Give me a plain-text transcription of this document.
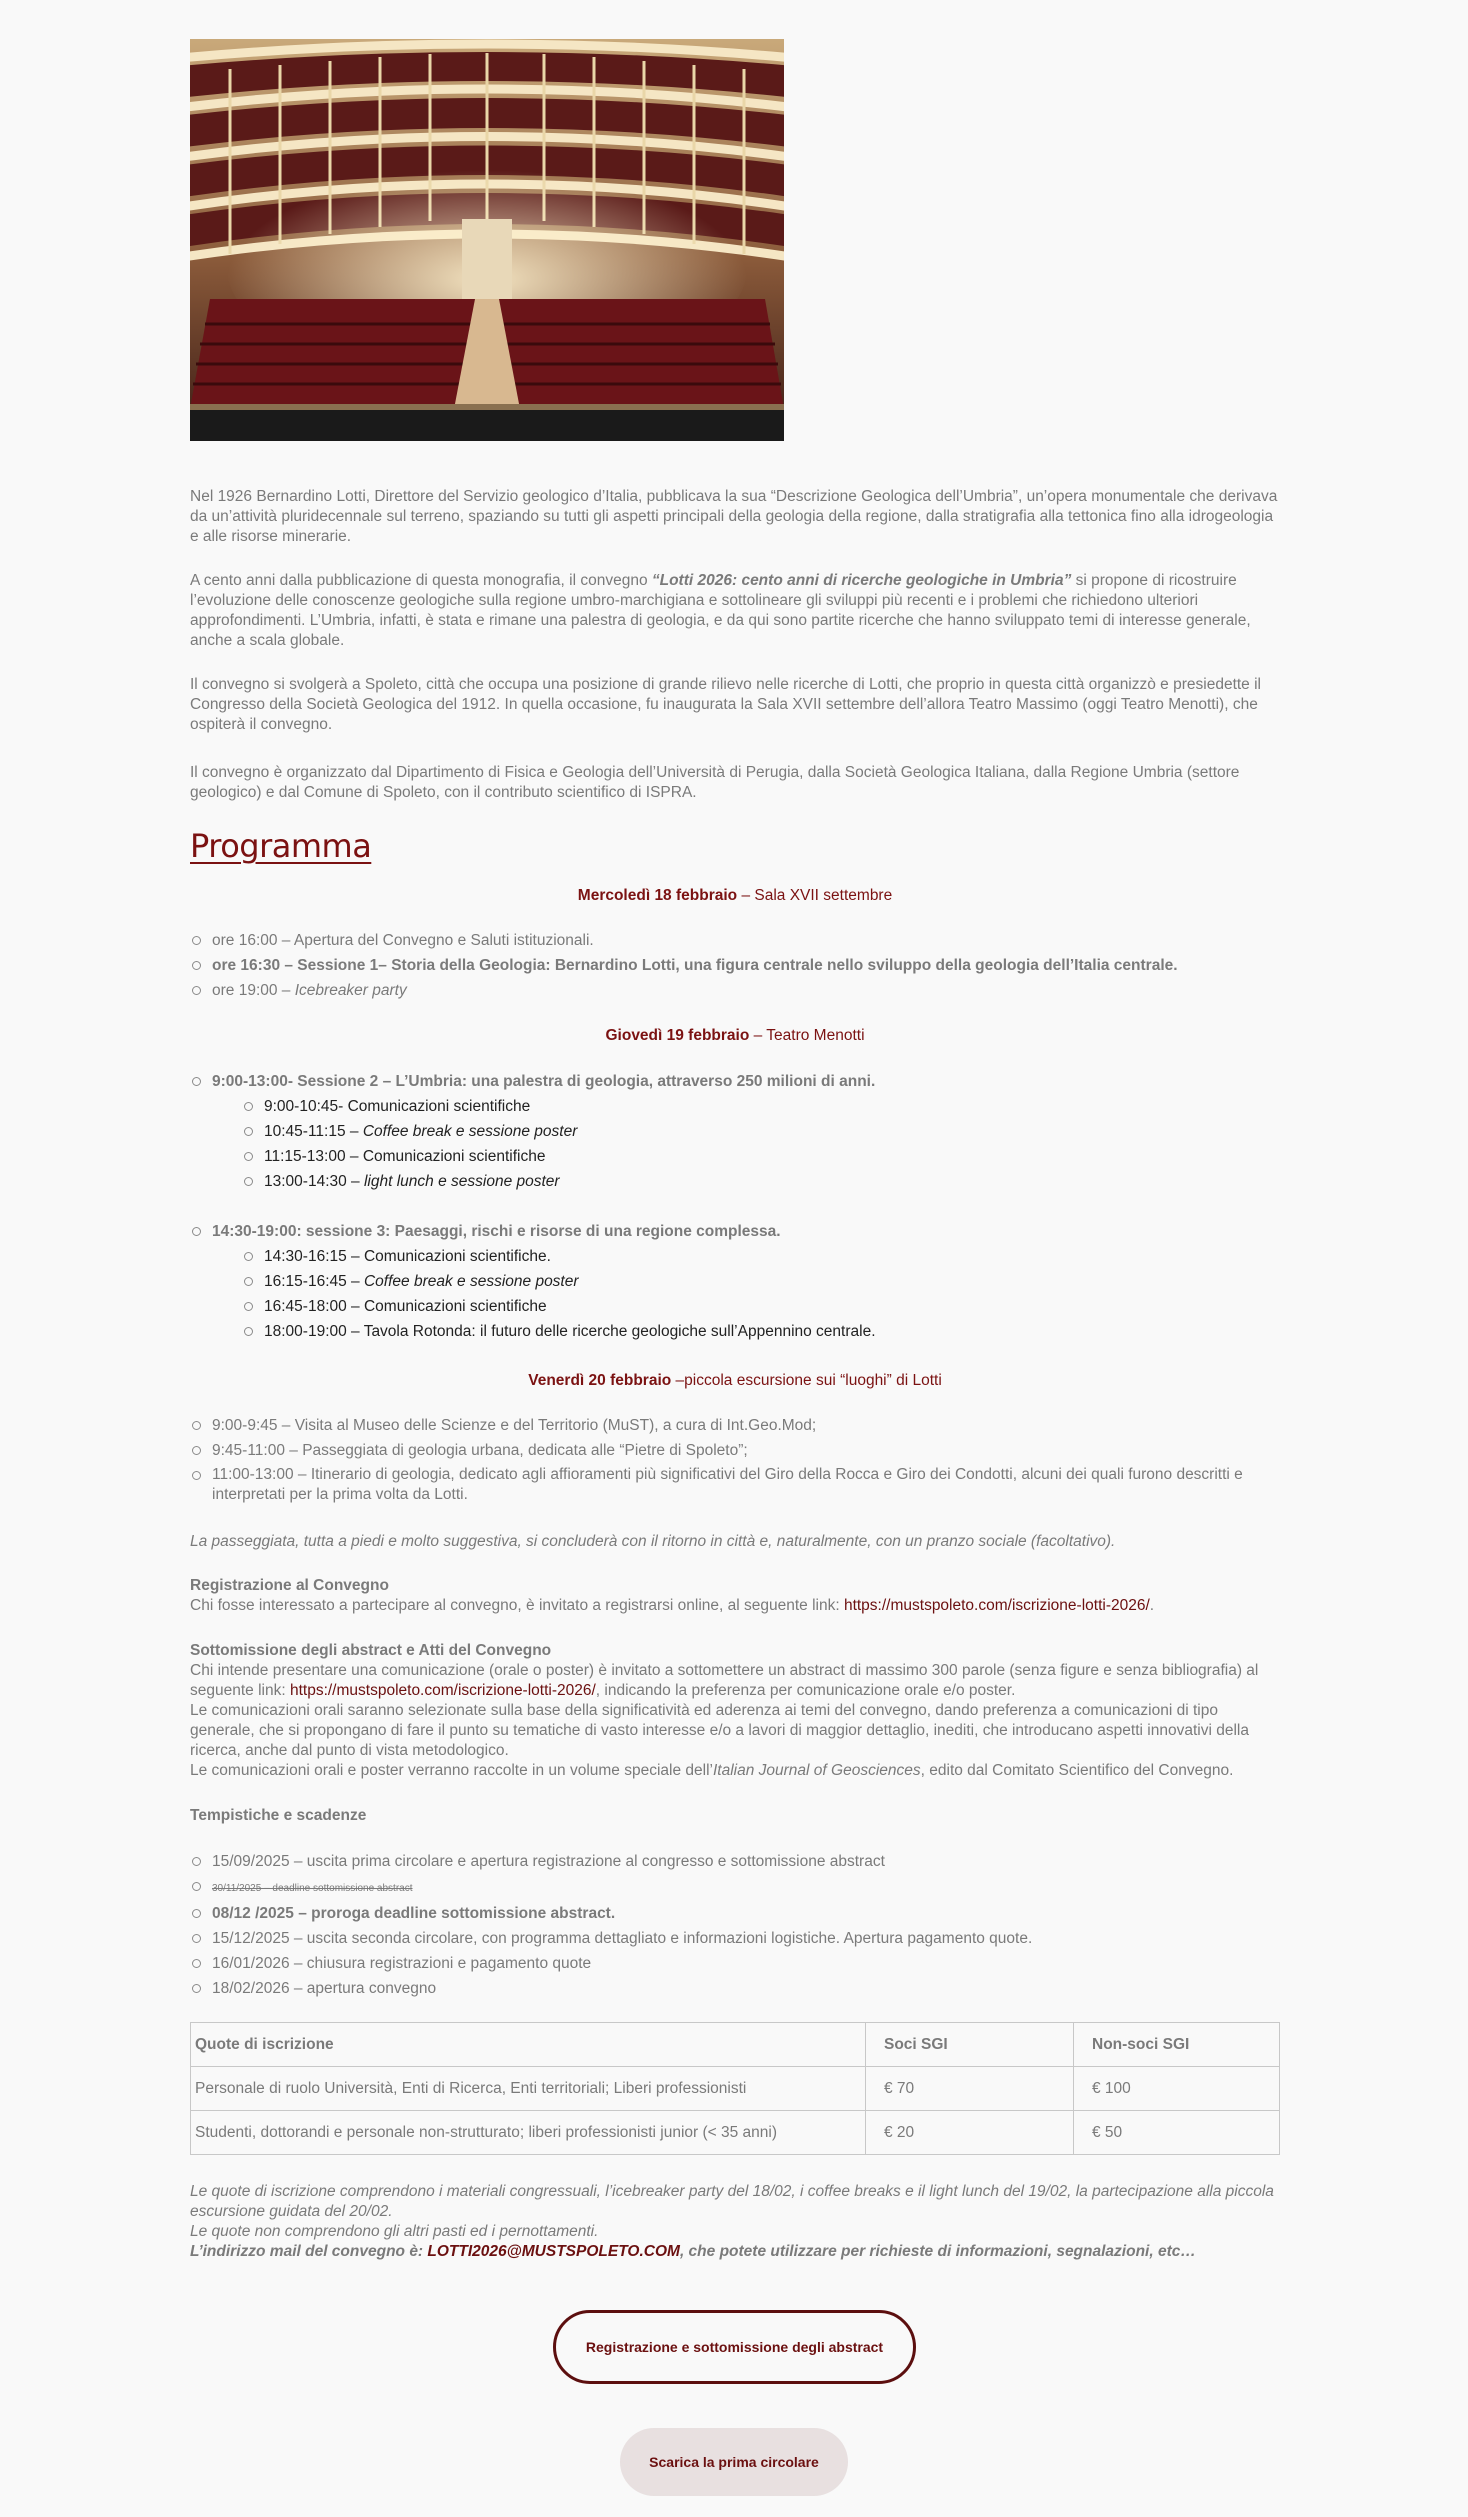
Nel 1926 Bernardino Lotti, Direttore del Servizio geologico d’Italia, pubblicava la sua “Descrizione Geologica dell’Umbria”, un’opera monumentale che derivava da un’attività pluridecennale sul terreno, spaziando su tutti gli aspetti principali della geologia della regione, dalla stratigrafia alla tettonica fino alla idrogeologia e alle risorse minerarie.

A cento anni dalla pubblicazione di questa monografia, il convegno “Lotti 2026: cento anni di ricerche geologiche in Umbria” si propone di ricostruire l’evoluzione delle conoscenze geologiche sulla regione umbro-marchigiana e sottolineare gli sviluppi più recenti e i problemi che richiedono ulteriori approfondimenti. L’Umbria, infatti, è stata e rimane una palestra di geologia, e da qui sono partite ricerche che hanno sviluppato temi di interesse generale, anche a scala globale.

Il convegno si svolgerà a Spoleto, città che occupa una posizione di grande rilievo nelle ricerche di Lotti, che proprio in questa città organizzò e presiedette il Congresso della Società Geologica del 1912. In quella occasione, fu inaugurata la Sala XVII settembre dell’allora Teatro Massimo (oggi Teatro Menotti), che ospiterà il convegno.

Il convegno è organizzato dal Dipartimento di Fisica e Geologia dell’Università di Perugia, dalla Società Geologica Italiana, dalla Regione Umbria (settore geologico) e dal Comune di Spoleto, con il contributo scientifico di ISPRA.

Programma
Mercoledì 18 febbraio – Sala XVII settembre
ore 16:00 – Apertura del Convegno e Saluti istituzionali.
ore 16:30 – Sessione 1– Storia della Geologia: Bernardino Lotti, una figura centrale nello sviluppo della geologia dell’Italia centrale.
ore 19:00 – Icebreaker party
Giovedì 19 febbraio – Teatro Menotti
9:00-13:00- Sessione 2 – L’Umbria: una palestra di geologia, attraverso 250 milioni di anni.
9:00-10:45- Comunicazioni scientifiche
10:45-11:15 – Coffee break e sessione poster
11:15-13:00 – Comunicazioni scientifiche
13:00-14:30 – light lunch e sessione poster
14:30-19:00: sessione 3: Paesaggi, rischi e risorse di una regione complessa.
14:30-16:15 – Comunicazioni scientifiche.
16:15-16:45 – Coffee break e sessione poster
16:45-18:00 – Comunicazioni scientifiche
18:00-19:00 – Tavola Rotonda: il futuro delle ricerche geologiche sull’Appennino centrale.
Venerdì 20 febbraio –piccola escursione sui “luoghi” di Lotti
9:00-9:45 – Visita al Museo delle Scienze e del Territorio (MuST), a cura di Int.Geo.Mod;
9:45-11:00 – Passeggiata di geologia urbana, dedicata alle “Pietre di Spoleto”;
11:00-13:00 – Itinerario di geologia, dedicato agli affioramenti più significativi del Giro della Rocca e Giro dei Condotti, alcuni dei quali furono descritti e interpretati per la prima volta da Lotti.

La passeggiata, tutta a piedi e molto suggestiva, si concluderà con il ritorno in città e, naturalmente, con un pranzo sociale (facoltativo).

Registrazione al Convegno
Chi fosse interessato a partecipare al convegno, è invitato a registrarsi online, al seguente link: https://mustspoleto.com/iscrizione-lotti-2026/.

Sottomissione degli abstract e Atti del Convegno
Chi intende presentare una comunicazione (orale o poster) è invitato a sottomettere un abstract di massimo 300 parole (senza figure e senza bibliografia) al seguente link: https://mustspoleto.com/iscrizione-lotti-2026/, indicando la preferenza per comunicazione orale e/o poster.
Le comunicazioni orali saranno selezionate sulla base della significatività ed aderenza ai temi del convegno, dando preferenza a comunicazioni di tipo generale, che si propongano di fare il punto su tematiche di vasto interesse e/o a lavori di maggior dettaglio, inediti, che introducano aspetti innovativi della ricerca, anche dal punto di vista metodologico.
Le comunicazioni orali e poster verranno raccolte in un volume speciale dell’Italian Journal of Geosciences, edito dal Comitato Scientifico del Convegno.

Tempistiche e scadenze

15/09/2025 – uscita prima circolare e apertura registrazione al congresso e sottomissione abstract
30/11/2025 – deadline sottomissione abstract
08/12 /2025 – proroga deadline sottomissione abstract.
15/12/2025 – uscita seconda circolare, con programma dettagliato e informazioni logistiche. Apertura pagamento quote.
16/01/2026 – chiusura registrazioni e pagamento quote
18/02/2026 – apertura convegno
Quote di iscrizione	Soci SGI	Non-soci SGI
Personale di ruolo Università, Enti di Ricerca, Enti territoriali; Liberi professionisti	€ 70	€ 100
Studenti, dottorandi e personale non-strutturato; liberi professionisti junior (< 35 anni)	€ 20	€ 50

Le quote di iscrizione comprendono i materiali congressuali, l’icebreaker party del 18/02, i coffee breaks e il light lunch del 19/02, la partecipazione alla piccola escursione guidata del 20/02.
Le quote non comprendono gli altri pasti ed i pernottamenti.
L’indirizzo mail del convegno è: LOTTI2026@MUSTSPOLETO.COM, che potete utilizzare per richieste di informazioni, segnalazioni, etc…

Registrazione e sottomissione degli abstract
Scarica la prima circolare
